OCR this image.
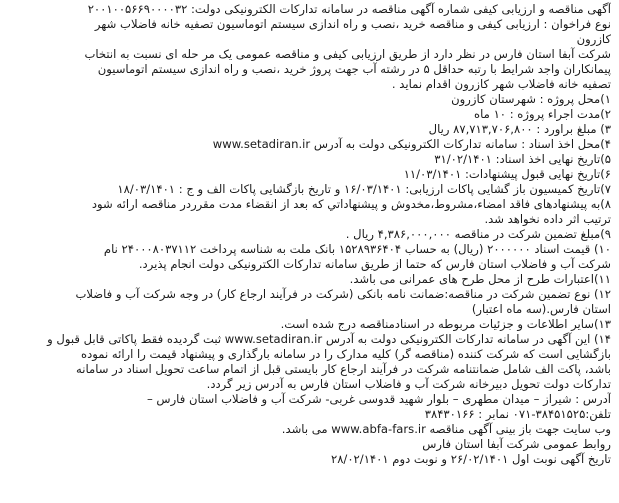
آگهی مناقصه و ارزیابی کیفی شماره آگهی مناقصه در سامانه تدارکات الکترونیکی دولت: ۲۰۰۱۰۰۵۶۶۹۰۰۰۰۳۲
نوع فراخوان : ارزیابی کیفی و مناقصه خرید ،نصب و راه اندازی سیستم اتوماسیون تصفیه خانه فاضلاب شهر
کازرون
شرکت آبفا استان فارس در نظر دارد از طریق ارزیابی کیفی و مناقصه عمومی یک مر حله ای نسبت به انتخاب
پیمانکاران واجد شرایط با رتبه حداقل ۵ در رشته آب جهت پروژ خرید ،نصب و راه اندازی سیستم اتوماسیون
تصفیه خانه فاضلاب شهر کازرون اقدام نماید .
۱)محل پروژه : شهرستان کازرون
۲)مدت اجراء پروژه : ۱۰ ماه
۳) مبلغ براورد : ۸۷,۷۱۳,۷۰۶,۸۰۰ ریال
۴)محل اخذ اسناد : سامانه تدارکات الکترونیکی دولت به آدرس www.setadiran.ir
۵)تاریخ نهایی اخذ اسناد: ۳۱/۰۲/۱۴۰۱
۶)تاریخ نهایی قبول پیشنهادات: ۱۱/۰۳/۱۴۰۱
۷)تاریخ کمیسیون باز گشایی پاکات ارزیابی: ۱۶/۰۳/۱۴۰۱ و تاریخ بازگشایی پاکات الف و ج : ۱۸/۰۳/۱۴۰۱
۸)به پیشنهادهای فاقد امضاء،مشروط،مخدوش و پیشنهاداتي كه بعد از انقضاء مدت مقرردر مناقصه ارائه شود
ترتیب اثر داده نخواهد شد.
۹)مبلغ تضمین شرکت در مناقصه ۴,۳۸۶,۰۰۰,۰۰۰ ریال .
۱۰) قیمت اسناد ۲۰۰۰۰۰۰ (ریال) به حساب ۱۵۲۸۹۳۶۴۰۴ بانک ملت به شناسه پرداخت ۲۴۰۰۰۸۰۳۷۱۱۲ نام
شرکت آب و فاضلاب استان فارس که حتما از طریق سامانه تدارکات الکترونیکی دولت انجام پذیرد.
۱۱)اعتبارات طرح از محل طرح های عمرانی می باشد.
۱۲) نوع تضمین شرکت در مناقصه:ضمانت نامه بانکی (شرکت در فرآیند ارجاع کار) در وجه شرکت آب و فاضلاب
استان فارس.(سه ماه اعتبار)
۱۳)سایر اطلاعات و جزئیات مربوطه در اسنادمناقصه درج شده است.
۱۴) این آگهی در سامانه تدارکات الکترونیکی دولت به آدرس www.setadiran.ir ثبت گردیده فقط پاکاتی قابل قبول و
بازگشایی است که شرکت کننده (مناقصه گر) کلیه مدارک را در سامانه بارگذاری و پیشنهاد قیمت را ارائه نموده
باشد، پاکت الف شامل ضمانتنامه شرکت در فرآیند ارجاع کار بایستی قبل از اتمام ساعت تحویل اسناد در سامانه
تدارکات دولت تحویل دبیرخانه شرکت آب و فاضلاب استان فارس به آدرس زیر گردد.
آدرس : شیراز – میدان مطهری – بلوار شهید قدوسی غربی- شرکت آب و فاضلاب استان فارس –
تلفن:۳۸۴۵۱۵۲۵-۰۷۱ نمابر : ۳۸۴۳۰۱۶۶
وب سایت جهت باز بینی آگهی مناقصه www.abfa-fars.ir می باشد.
روابط عمومی شرکت آبفا استان فارس
تاریخ آگهی نوبت اول ۲۶/۰۲/۱۴۰۱ و نوبت دوم ۲۸/۰۲/۱۴۰۱
